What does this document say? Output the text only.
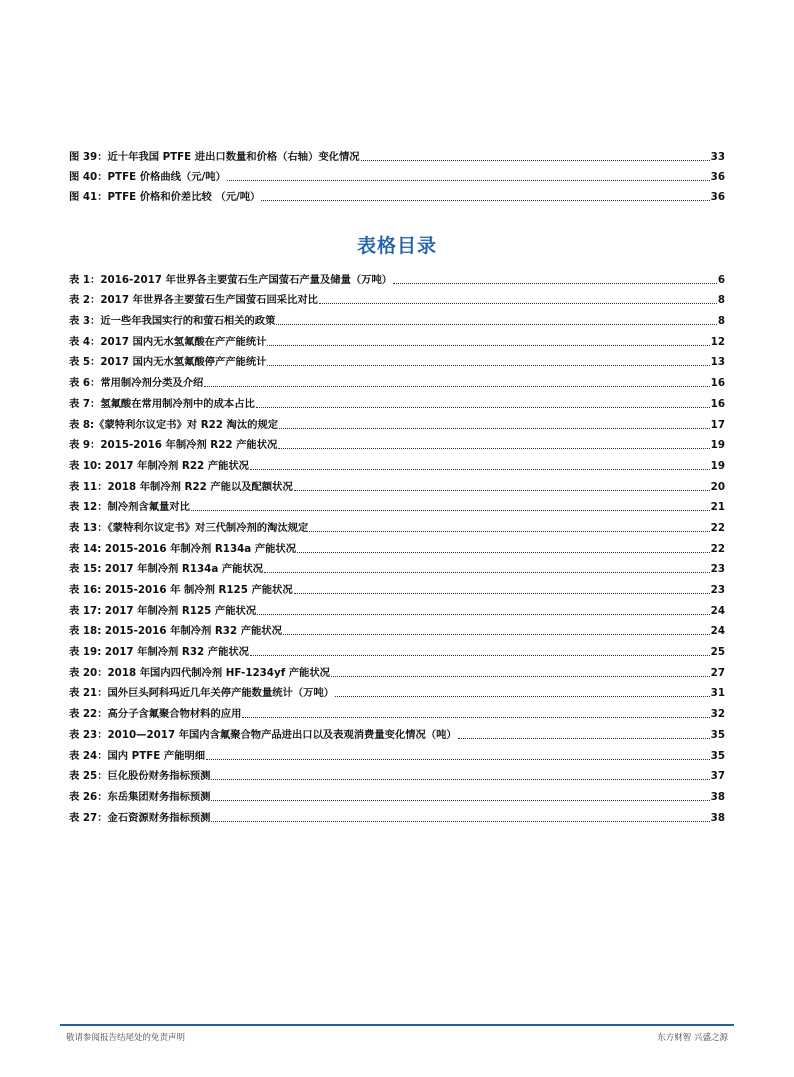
图 39：近十年我国 PTFE 进出口数量和价格（右轴）变化情况	33
图 40：PTFE 价格曲线（元/吨）	36
图 41：PTFE 价格和价差比较 （元/吨）	36
表格目录
表 1：2016-2017 年世界各主要萤石生产国萤石产量及储量（万吨）	6
表 2：2017 年世界各主要萤石生产国萤石回采比对比	8
表 3：近一些年我国实行的和萤石相关的政策	8
表 4：2017 国内无水氢氟酸在产产能统计	12
表 5：2017 国内无水氢氟酸停产产能统计	13
表 6：常用制冷剂分类及介绍	16
表 7：氢氟酸在常用制冷剂中的成本占比	16
表 8:《蒙特利尔议定书》对 R22 淘汰的规定	17
表 9：2015-2016 年制冷剂 R22 产能状况	19
表 10: 2017 年制冷剂 R22 产能状况	19
表 11：2018 年制冷剂 R22 产能以及配额状况	20
表 12：制冷剂含氟量对比	21
表 13：《蒙特利尔议定书》对三代制冷剂的淘汰规定	22
表 14: 2015-2016 年制冷剂 R134a 产能状况	22
表 15: 2017 年制冷剂 R134a 产能状况	23
表 16: 2015-2016 年 制冷剂 R125 产能状况	23
表 17: 2017 年制冷剂 R125 产能状况	24
表 18: 2015-2016 年制冷剂 R32 产能状况	24
表 19: 2017 年制冷剂 R32 产能状况	25
表 20：2018 年国内四代制冷剂 HF-1234yf 产能状况	27
表 21：国外巨头阿科玛近几年关停产能数量统计（万吨）	31
表 22：高分子含氟聚合物材料的应用	32
表 23：2010—2017 年国内含氟聚合物产品进出口以及表观消费量变化情况（吨）	35
表 24：国内 PTFE 产能明细	35
表 25：巨化股份财务指标预测	37
表 26：东岳集团财务指标预测	38
表 27：金石资源财务指标预测	38
敬请参阅报告结尾处的免责声明	东方财智 兴盛之源
